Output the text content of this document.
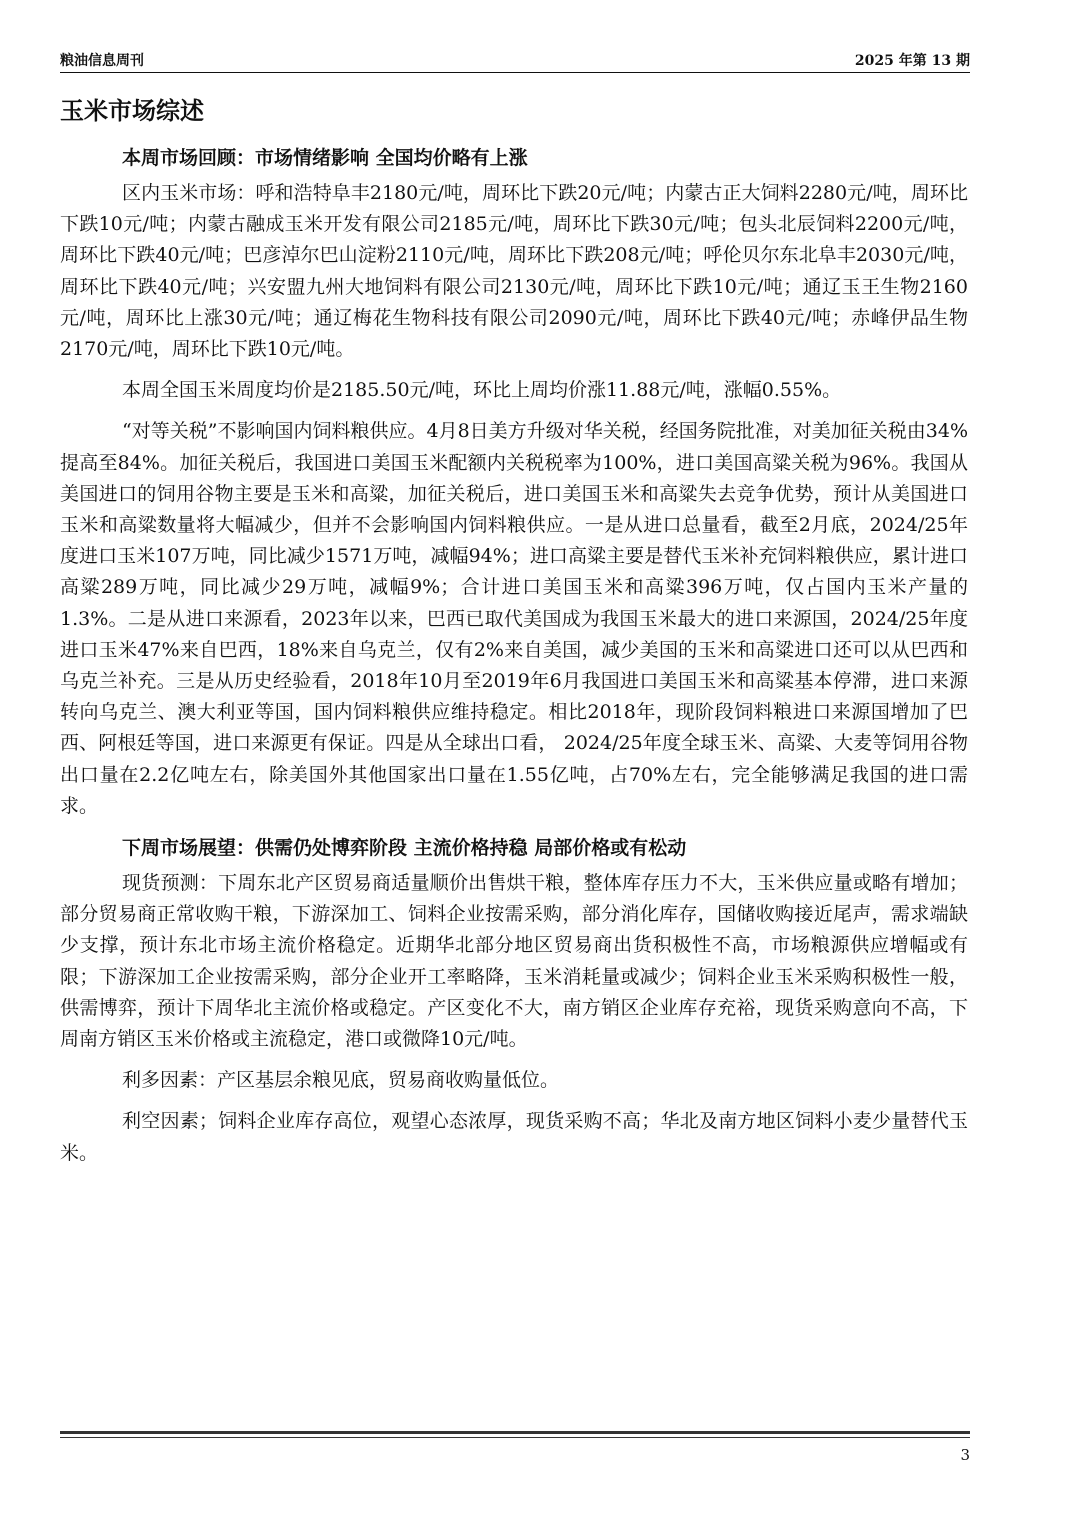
粮油信息周刊	2025 年第 13 期
玉米市场综述

本周市场回顾：市场情绪影响 全国均价略有上涨

区内玉米市场：呼和浩特阜丰2180元/吨，周环比下跌20元/吨；内蒙古正大饲料2280元/吨，周环比下跌10元/吨；内蒙古融成玉米开发有限公司2185元/吨，周环比下跌30元/吨；包头北辰饲料2200元/吨，周环比下跌40元/吨；巴彦淖尔巴山淀粉2110元/吨，周环比下跌208元/吨；呼伦贝尔东北阜丰2030元/吨，周环比下跌40元/吨；兴安盟九州大地饲料有限公司2130元/吨，周环比下跌10元/吨；通辽玉王生物2160元/吨，周环比上涨30元/吨；通辽梅花生物科技有限公司2090元/吨，周环比下跌40元/吨；赤峰伊品生物2170元/吨，周环比下跌10元/吨。

本周全国玉米周度均价是2185.50元/吨，环比上周均价涨11.88元/吨，涨幅0.55%。

“对等关税”不影响国内饲料粮供应。4月8日美方升级对华关税，经国务院批准，对美加征关税由34%提高至84%。加征关税后，我国进口美国玉米配额内关税税率为100%，进口美国高粱关税为96%。我国从美国进口的饲用谷物主要是玉米和高粱，加征关税后，进口美国玉米和高粱失去竞争优势，预计从美国进口玉米和高粱数量将大幅减少，但并不会影响国内饲料粮供应。一是从进口总量看，截至2月底，2024/25年度进口玉米107万吨，同比减少1571万吨，减幅94%；进口高粱主要是替代玉米补充饲料粮供应，累计进口高粱289万吨，同比减少29万吨，减幅9%；合计进口美国玉米和高粱396万吨，仅占国内玉米产量的1.3%。二是从进口来源看，2023年以来，巴西已取代美国成为我国玉米最大的进口来源国，2024/25年度进口玉米47%来自巴西，18%来自乌克兰，仅有2%来自美国，减少美国的玉米和高粱进口还可以从巴西和乌克兰补充。三是从历史经验看，2018年10月至2019年6月我国进口美国玉米和高粱基本停滞，进口来源转向乌克兰、澳大利亚等国，国内饲料粮供应维持稳定。相比2018年，现阶段饲料粮进口来源国增加了巴西、阿根廷等国，进口来源更有保证。四是从全球出口看， 2024/25年度全球玉米、高粱、大麦等饲用谷物出口量在2.2亿吨左右，除美国外其他国家出口量在1.55亿吨，占70%左右，完全能够满足我国的进口需求。

下周市场展望：供需仍处博弈阶段 主流价格持稳 局部价格或有松动

现货预测：下周东北产区贸易商适量顺价出售烘干粮，整体库存压力不大，玉米供应量或略有增加；部分贸易商正常收购干粮，下游深加工、饲料企业按需采购，部分消化库存，国储收购接近尾声，需求端缺少支撑，预计东北市场主流价格稳定。近期华北部分地区贸易商出货积极性不高，市场粮源供应增幅或有限；下游深加工企业按需采购，部分企业开工率略降，玉米消耗量或减少；饲料企业玉米采购积极性一般，供需博弈，预计下周华北主流价格或稳定。产区变化不大，南方销区企业库存充裕，现货采购意向不高，下周南方销区玉米价格或主流稳定，港口或微降10元/吨。

利多因素：产区基层余粮见底，贸易商收购量低位。

利空因素；饲料企业库存高位，观望心态浓厚，现货采购不高；华北及南方地区饲料小麦少量替代玉米。

3
